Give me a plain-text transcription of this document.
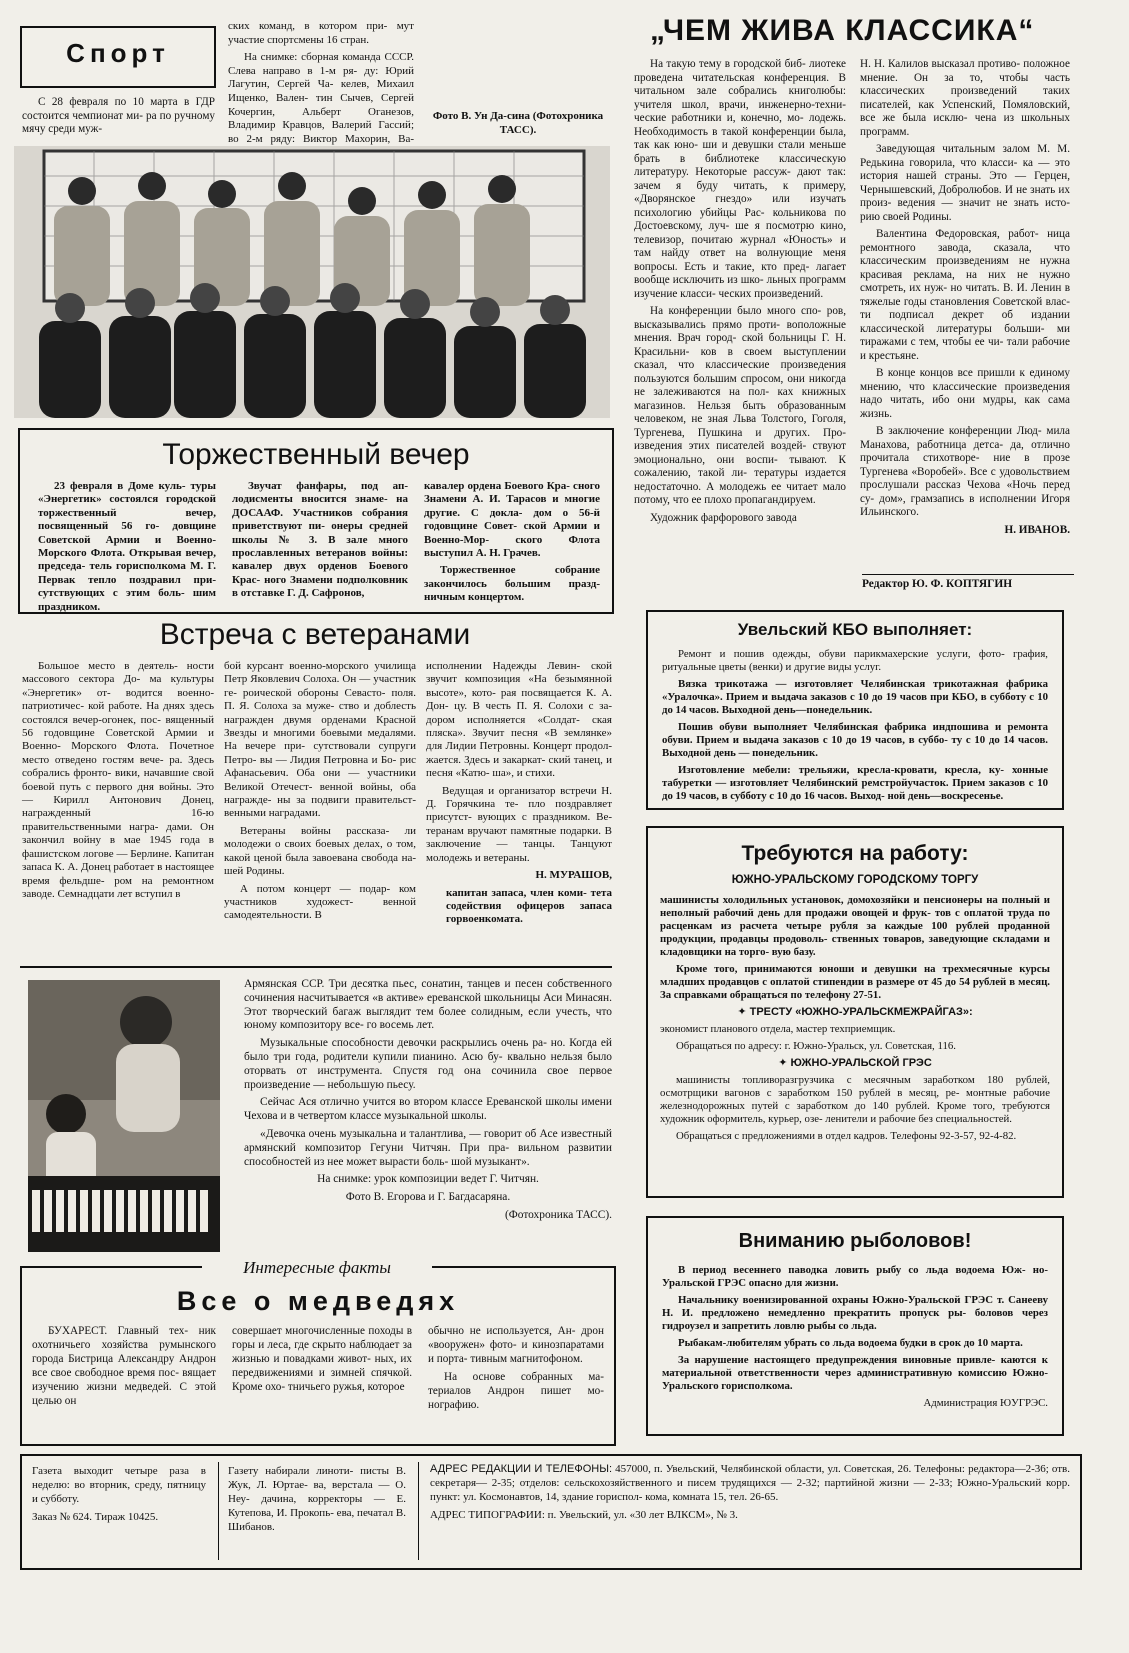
Спорт

С 28 февраля по 10 марта в ГДР состоится чемпионат ми- ра по ручному мячу среди муж-

ских команд, в котором при- мут участие спортсмены 16 стран.

На снимке: сборная команда СССР. Слева направо в 1-м ря- ду: Юрий Лагутин, Сергей Ча- келев, Михаил Ищенко, Вален- тин Сычев, Сергей Кочергин, Альберт Оганезов, Владимир Кравцов, Валерий Гассий; во 2-м ряду: Виктор Махорин, Ва-

Фото В. Ун Да-сина (Фотохроника ТАСС).

Торжественный вечер

23 февраля в Доме куль- туры «Энергетик» состоялся городской торжественный вечер, посвященный 56 го- довщине Советской Армии и Военно-Морского Флота. Открывая вечер, председа- тель горисполкома М. Г. Первак тепло поздравил при- сутствующих с этим боль- шим праздником.

Звучат фанфары, под ап- лодисменты вносится знаме- на ДОСААФ. Участников собрания приветствуют пи- онеры средней школы № 3. В зале много прославленных ветеранов войны: кавалер двух орденов Боевого Крас- ного Знамени подполковник в отставке Г. Д. Сафронов,

кавалер ордена Боевого Кра- сного Знамени А. И. Тарасов и многие другие. С докла- дом о 56-й годовщине Совет- ской Армии и Военно-Мор- ского Флота выступил А. Н. Грачев.

Торжественное собрание закончилось большим празд- ничным концертом.

Встреча с ветеранами

Большое место в деятель- ности массового сектора До- ма культуры «Энергетик» от- водится военно-патриотичес- кой работе. На днях здесь состоялся вечер-огонек, пос- вященный 56 годовщине Советской Армии и Военно- Морского Флота. Почетное место отведено гостям вече- ра. Здесь собрались фронто- вики, начавшие свой боевой путь с первого дня войны. Это — Кирилл Антонович Донец, награжденный 16-ю правительственными награ- дами. Он закончил войну в мае 1945 года в фашистском логове — Берлине. Капитан запаса К. А. Донец работает в настоящее время фельдше- ром на ремонтном заводе. Семнадцати лет вступил в

бой курсант военно-морского училища Петр Яковлевич Солоха. Он — участник ге- роической обороны Севасто- поля. П. Я. Солоха за муже- ство и доблесть награжден двумя орденами Красной Звезды и многими боевыми медалями. На вечере при- сутствовали супруги Петро- вы — Лидия Петровна и Бо- рис Афанасьевич. Оба они — участники Великой Отечест- венной войны, оба награжде- ны за подвиги правительст- венными наградами.

Ветераны войны рассказа- ли молодежи о своих боевых делах, о том, какой ценой была завоевана свобода на- шей Родины.

А потом концерт — подар- ком участников художест- венной самодеятельности. В

исполнении Надежды Левин- ской звучит композиция «На безымянной высоте», кото- рая посвящается К. А. Дон- цу. В честь П. Я. Солохи с за- дором исполняется «Солдат- ская пляска». Звучит песня «В землянке» для Лидии Петровны. Концерт продол- жается. Здесь и закаркат- ский танец, и песня «Катю- ша», и стихи.

Ведущая и организатор встречи Н. Д. Горячкина те- пло поздравляет присутст- вующих с праздником. Ве- теранам вручают памятные подарки. В заключение — танцы. Танцуют молодежь и ветераны.

Н. МУРАШОВ,

капитан запаса, член коми- тета содействия офицеров запаса горвоенкомата.

Армянская ССР. Три десятка пьес, сонатин, танцев и песен собственного сочинения насчитывается «в активе» ереванской школьницы Аси Минасян. Этот творческий багаж выглядит тем более солидным, если учесть, что юному композитору все- го восемь лет.

Музыкальные способности девочки раскрылись очень ра- но. Когда ей было три года, родители купили пианино. Асю бу- квально нельзя было оторвать от инструмента. Спустя год она сочинила свое первое произведение — небольшую пьесу.

Сейчас Ася отлично учится во втором классе Ереванской школы имени Чехова и в четвертом классе музыкальной школы.

«Девочка очень музыкальна и талантлива, — говорит об Асе известный армянский композитор Гегуни Читчян. При пра- вильном развитии способностей из нее может вырасти боль- шой музыкант».

На снимке: урок композиции ведет Г. Читчян.

Фото В. Егорова и Г. Багдасаряна.

(Фотохроника ТАСС).

Интересные факты
Все о медведях

БУХАРЕСТ. Главный тех- ник охотничьего хозяйства румынского города Бистрица Александру Андрон все свое свободное время пос- вящает изучению жизни медведей. С этой целью он

совершает многочисленные походы в горы и леса, где скрыто наблюдает за жизнью и повадками живот- ных, их передвижениями и зимней спячкой. Кроме охо- тничьего ружья, которое

обычно не используется, Ан- дрон «вооружен» фото- и кинозпаратами и порта- тивным магнитофоном.

На основе собранных ма- териалов Андрон пишет мо- нографию.

„ЧЕМ ЖИВА КЛАССИКА“

На такую тему в городской биб- лиотеке проведена читательская конференция. В читальном зале собрались книголюбы: учителя школ, врачи, инженерно-техни- ческие работники и, конечно, мо- лодежь. Необходимость в такой конференции была, так как юно- ши и девушки стали меньше брать в библиотеке классическую литературу. Некоторые рассуж- дают так: зачем я буду читать, к примеру, «Дворянское гнездо» или изучать психологию убийцы Рас- кольникова по Достоевскому, луч- ше я посмотрю кино, телевизор, почитаю журнал «Юность» и там найду ответ на волнующие меня вопросы. Есть и такие, кто пред- лагает вообще исключить из шко- льных программ изучение класси- ческих произведений.

На конференции было много спо- ров, высказывались прямо проти- воположные мнения. Врач город- ской больницы Г. Н. Красильни- ков в своем выступлении сказал, что классические произведения пользуются большим спросом, они никогда не залеживаются на пол- ках книжных магазинов. Нельзя быть образованным человеком, не зная Льва Толстого, Гоголя, Тургенева, Пушкина и других. Про- изведения этих писателей воздей- ствуют эмоционально, они воспи- тывают. К сожалению, такой ли- тературы издается недостаточно. А молодежь ее читает мало потому, что ее плохо пропагандируем.

Художник фарфорового завода

Н. Н. Калилов высказал противо- положное мнение. Он за то, чтобы часть классических произведений таких писателей, как Успенский, Помяловский, все же была исклю- чена из школьных программ.

Заведующая читальным залом М. М. Редькина говорила, что класси- ка — это история нашей страны. Это — Герцен, Чернышевский, Добролюбов. И не знать их произ- ведения — значит не знать исто- рию своей Родины.

Валентина Федоровская, работ- ница ремонтного завода, сказала, что классическим произведениям не нужна красивая реклама, на них не нужно смотреть, их нуж- но читать. В. И. Ленин в тяжелые годы становления Советской влас- ти подписал декрет об издании классической литературы больши- ми тиражами с тем, чтобы ее чи- тали рабочие и крестьяне.

В конце концов все пришли к единому мнению, что классические произведения надо читать, ибо они мудры, как сама жизнь.

В заключение конференции Люд- мила Манахова, работница детса- да, отлично прочитала стихотворе- ние в прозе Тургенева «Воробей». Все с удовольствием прослушали рассказ Чехова «Ночь перед су- дом», грамзапись в исполнении Игоря Ильинского.

Н. ИВАНОВ.

Редактор Ю. Ф. КОПТЯГИН
Увельский КБО выполняет:

Ремонт и пошив одежды, обуви парикмахерские услуги, фото- графия, ритуальные цветы (венки) и другие виды услуг.

Вязка трикотажа — изготовляет Челябинская трикотажная фабрика «Уралочка». Прием и выдача заказов с 10 до 19 часов при КБО, в субботу с 10 до 14 часов. Выходной день—понедельник.

Пошив обуви выполняет Челябинская фабрика индпошива и ремонта обуви. Прием и выдача заказов с 10 до 19 часов, в суббо- ту с 10 до 14 часов. Выходной день — понедельник.

Изготовление мебели: трельяжи, кресла-кровати, кресла, ку- хонные табуретки — изготовляет Челябинский ремстройучасток. Прием заказов с 10 до 19 часов, в субботу с 10 до 16 часов. Выход- ной день—воскресенье.

Требуются на работу:
ЮЖНО-УРАЛЬСКОМУ ГОРОДСКОМУ ТОРГУ

машинисты холодильных установок, домохозяйки и пенсионеры на полный и неполный рабочий день для продажи овощей и фрук- тов с оплатой труда по расценкам из расчета четыре рубля за каждые 100 рублей проданной продукции, продавцы продоволь- ственных товаров, заведующие складами и кладовщики на торго- вую базу.

Кроме того, принимаются юноши и девушки на трехмесячные курсы младших продавцов с оплатой стипендии в размере от 45 до 54 рублей в месяц. За справками обращаться по телефону 27-51.

✦ ТРЕСТУ «ЮЖНО-УРАЛЬСКМЕЖРАЙГАЗ»:

экономист планового отдела, мастер техприемщик.

Обращаться по адресу: г. Южно-Уральск, ул. Советская, 116.

✦ ЮЖНО-УРАЛЬСКОЙ ГРЭС

машинисты топливоразгрузчика с месячным заработком 180 рублей, осмотрщики вагонов с заработком 150 рублей в месяц, ре- монтные рабочие железнодорожных путей с заработком до 140 рублей. Кроме того, требуются художник оформитель, курьер, озе- ленители и рабочие без специальностей.

Обращаться с предложениями в отдел кадров. Телефоны 92-3-57, 92-4-82.

Вниманию рыболовов!

В период весеннего паводка ловить рыбу со льда водоема Юж- но-Уральской ГРЭС опасно для жизни.

Начальнику военизированной охраны Южно-Уральской ГРЭС т. Санееву Н. И. предложено немедленно прекратить пропуск ры- боловов через гидроузел и запретить ловлю рыбы со льда.

Рыбакам-любителям убрать со льда водоема будки в срок до 10 марта.

За нарушение настоящего предупреждения виновные привле- каются к материальной ответственности через административную комиссию Южно-Уральского горисполкома.

Администрация ЮУГРЭС.

Газета выходит четыре раза в неделю: во вторник, среду, пятницу и субботу.

Заказ № 624. Тираж 10425.

Газету набирали линоти- писты В. Жук, Л. Юртае- ва, верстала — О. Неу- дачина, корректоры — Е. Кутепова, И. Прокопь- ева, печатал В. Шибанов.

АДРЕС РЕДАКЦИИ И ТЕЛЕФОНЫ: 457000, п. Увельский, Челябинской области, ул. Советская, 26. Телефоны: редактора—2-36; отв. секретаря— 2-35; отделов: сельскохозяйственного и писем трудящихся — 2-32; партийной жизни — 2-33; Южно-Уральский корр. пункт: ул. Космонавтов, 14, здание гориспол- кома, комната 15, тел. 26-65.

АДРЕС ТИПОГРАФИИ: п. Увельский, ул. «30 лет ВЛКСМ», № 3.
